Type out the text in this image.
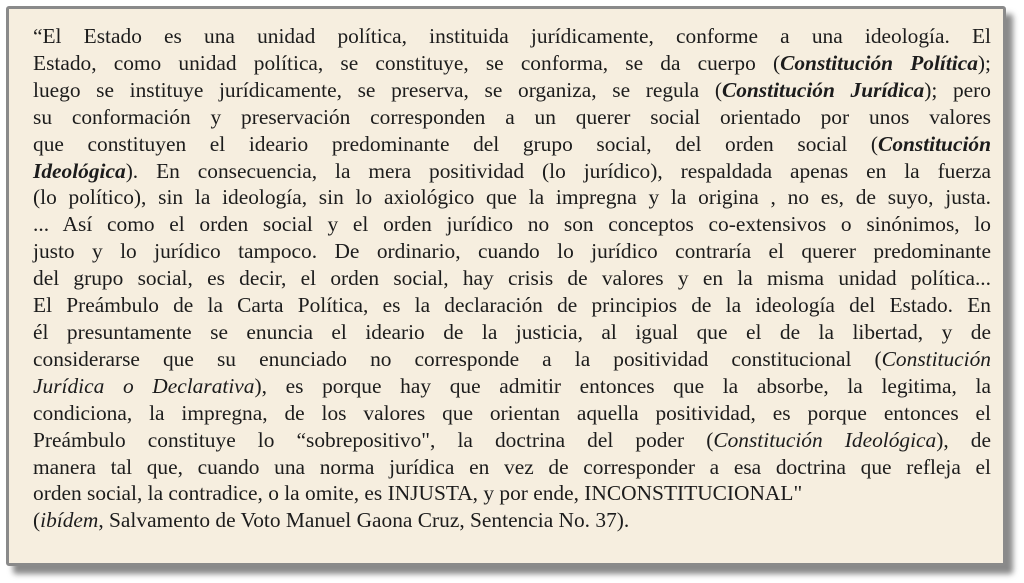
“El Estado es una unidad política, instituida jurídicamente, conforme a una ideología. El
Estado, como unidad política, se constituye, se conforma, se da cuerpo (Constitución Política);
luego se instituye jurídicamente, se preserva, se organiza, se regula (Constitución Jurídica); pero
su conformación y preservación corresponden a un querer social orientado por unos valores
que constituyen el ideario predominante del grupo social, del orden social (Constitución
Ideológica). En consecuencia, la mera positividad (lo jurídico), respaldada apenas en la fuerza
(lo político), sin la ideología, sin lo axiológico que la impregna y la origina , no es, de suyo, justa.
... Así como el orden social y el orden jurídico no son conceptos co-extensivos o sinónimos, lo
justo y lo jurídico tampoco. De ordinario, cuando lo jurídico contraría el querer predominante
del grupo social, es decir, el orden social, hay crisis de valores y en la misma unidad política...
El Preámbulo de la Carta Política, es la declaración de principios de la ideología del Estado. En
él presuntamente se enuncia el ideario de la justicia, al igual que el de la libertad, y de
considerarse que su enunciado no corresponde a la positividad constitucional (Constitución
Jurídica o Declarativa), es porque hay que admitir entonces que la absorbe, la legitima, la
condiciona, la impregna, de los valores que orientan aquella positividad, es porque entonces el
Preámbulo constituye lo “sobrepositivo", la doctrina del poder (Constitución Ideológica), de
manera tal que, cuando una norma jurídica en vez de corresponder a esa doctrina que refleja el
orden social, la contradice, o la omite, es INJUSTA, y por ende, INCONSTITUCIONAL"
(ibídem, Salvamento de Voto Manuel Gaona Cruz, Sentencia No. 37).
